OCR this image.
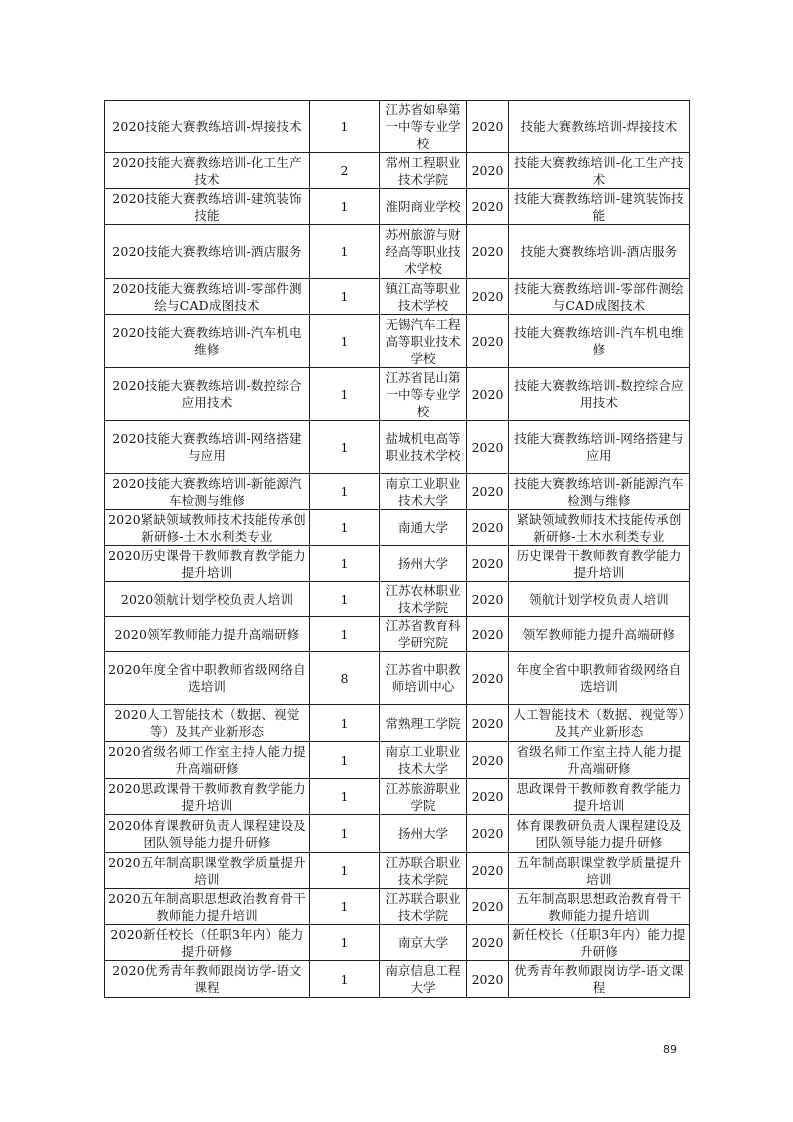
2020技能大赛教练培训-焊接技术	1	江苏省如皋第一中等专业学校	2020	技能大赛教练培训-焊接技术
2020技能大赛教练培训-化工生产技术	2	常州工程职业技术学院	2020	技能大赛教练培训-化工生产技术
2020技能大赛教练培训-建筑装饰技能	1	淮阴商业学校	2020	技能大赛教练培训-建筑装饰技能
2020技能大赛教练培训-酒店服务	1	苏州旅游与财经高等职业技术学校	2020	技能大赛教练培训-酒店服务
2020技能大赛教练培训-零部件测绘与CAD成图技术	1	镇江高等职业技术学校	2020	技能大赛教练培训-零部件测绘与CAD成图技术
2020技能大赛教练培训-汽车机电维修	1	无锡汽车工程高等职业技术学校	2020	技能大赛教练培训-汽车机电维修
2020技能大赛教练培训-数控综合应用技术	1	江苏省昆山第一中等专业学校	2020	技能大赛教练培训-数控综合应用技术
2020技能大赛教练培训-网络搭建与应用	1	盐城机电高等职业技术学校	2020	技能大赛教练培训-网络搭建与应用
2020技能大赛教练培训-新能源汽车检测与维修	1	南京工业职业技术大学	2020	技能大赛教练培训-新能源汽车检测与维修
2020紧缺领域教师技术技能传承创新研修-土木水利类专业	1	南通大学	2020	紧缺领域教师技术技能传承创新研修-土木水利类专业
2020历史课骨干教师教育教学能力提升培训	1	扬州大学	2020	历史课骨干教师教育教学能力提升培训
2020领航计划学校负责人培训	1	江苏农林职业技术学院	2020	领航计划学校负责人培训
2020领军教师能力提升高端研修	1	江苏省教育科学研究院	2020	领军教师能力提升高端研修
2020年度全省中职教师省级网络自选培训	8	江苏省中职教师培训中心	2020	年度全省中职教师省级网络自选培训
2020人工智能技术（数据、视觉等）及其产业新形态	1	常熟理工学院	2020	人工智能技术（数据、视觉等）及其产业新形态
2020省级名师工作室主持人能力提升高端研修	1	南京工业职业技术大学	2020	省级名师工作室主持人能力提升高端研修
2020思政课骨干教师教育教学能力提升培训	1	江苏旅游职业学院	2020	思政课骨干教师教育教学能力提升培训
2020体育课教研负责人课程建设及团队领导能力提升研修	1	扬州大学	2020	体育课教研负责人课程建设及团队领导能力提升研修
2020五年制高职课堂教学质量提升培训	1	江苏联合职业技术学院	2020	五年制高职课堂教学质量提升培训
2020五年制高职思想政治教育骨干教师能力提升培训	1	江苏联合职业技术学院	2020	五年制高职思想政治教育骨干教师能力提升培训
2020新任校长（任职3年内）能力提升研修	1	南京大学	2020	新任校长（任职3年内）能力提升研修
2020优秀青年教师跟岗访学-语文课程	1	南京信息工程大学	2020	优秀青年教师跟岗访学-语文课程
89
